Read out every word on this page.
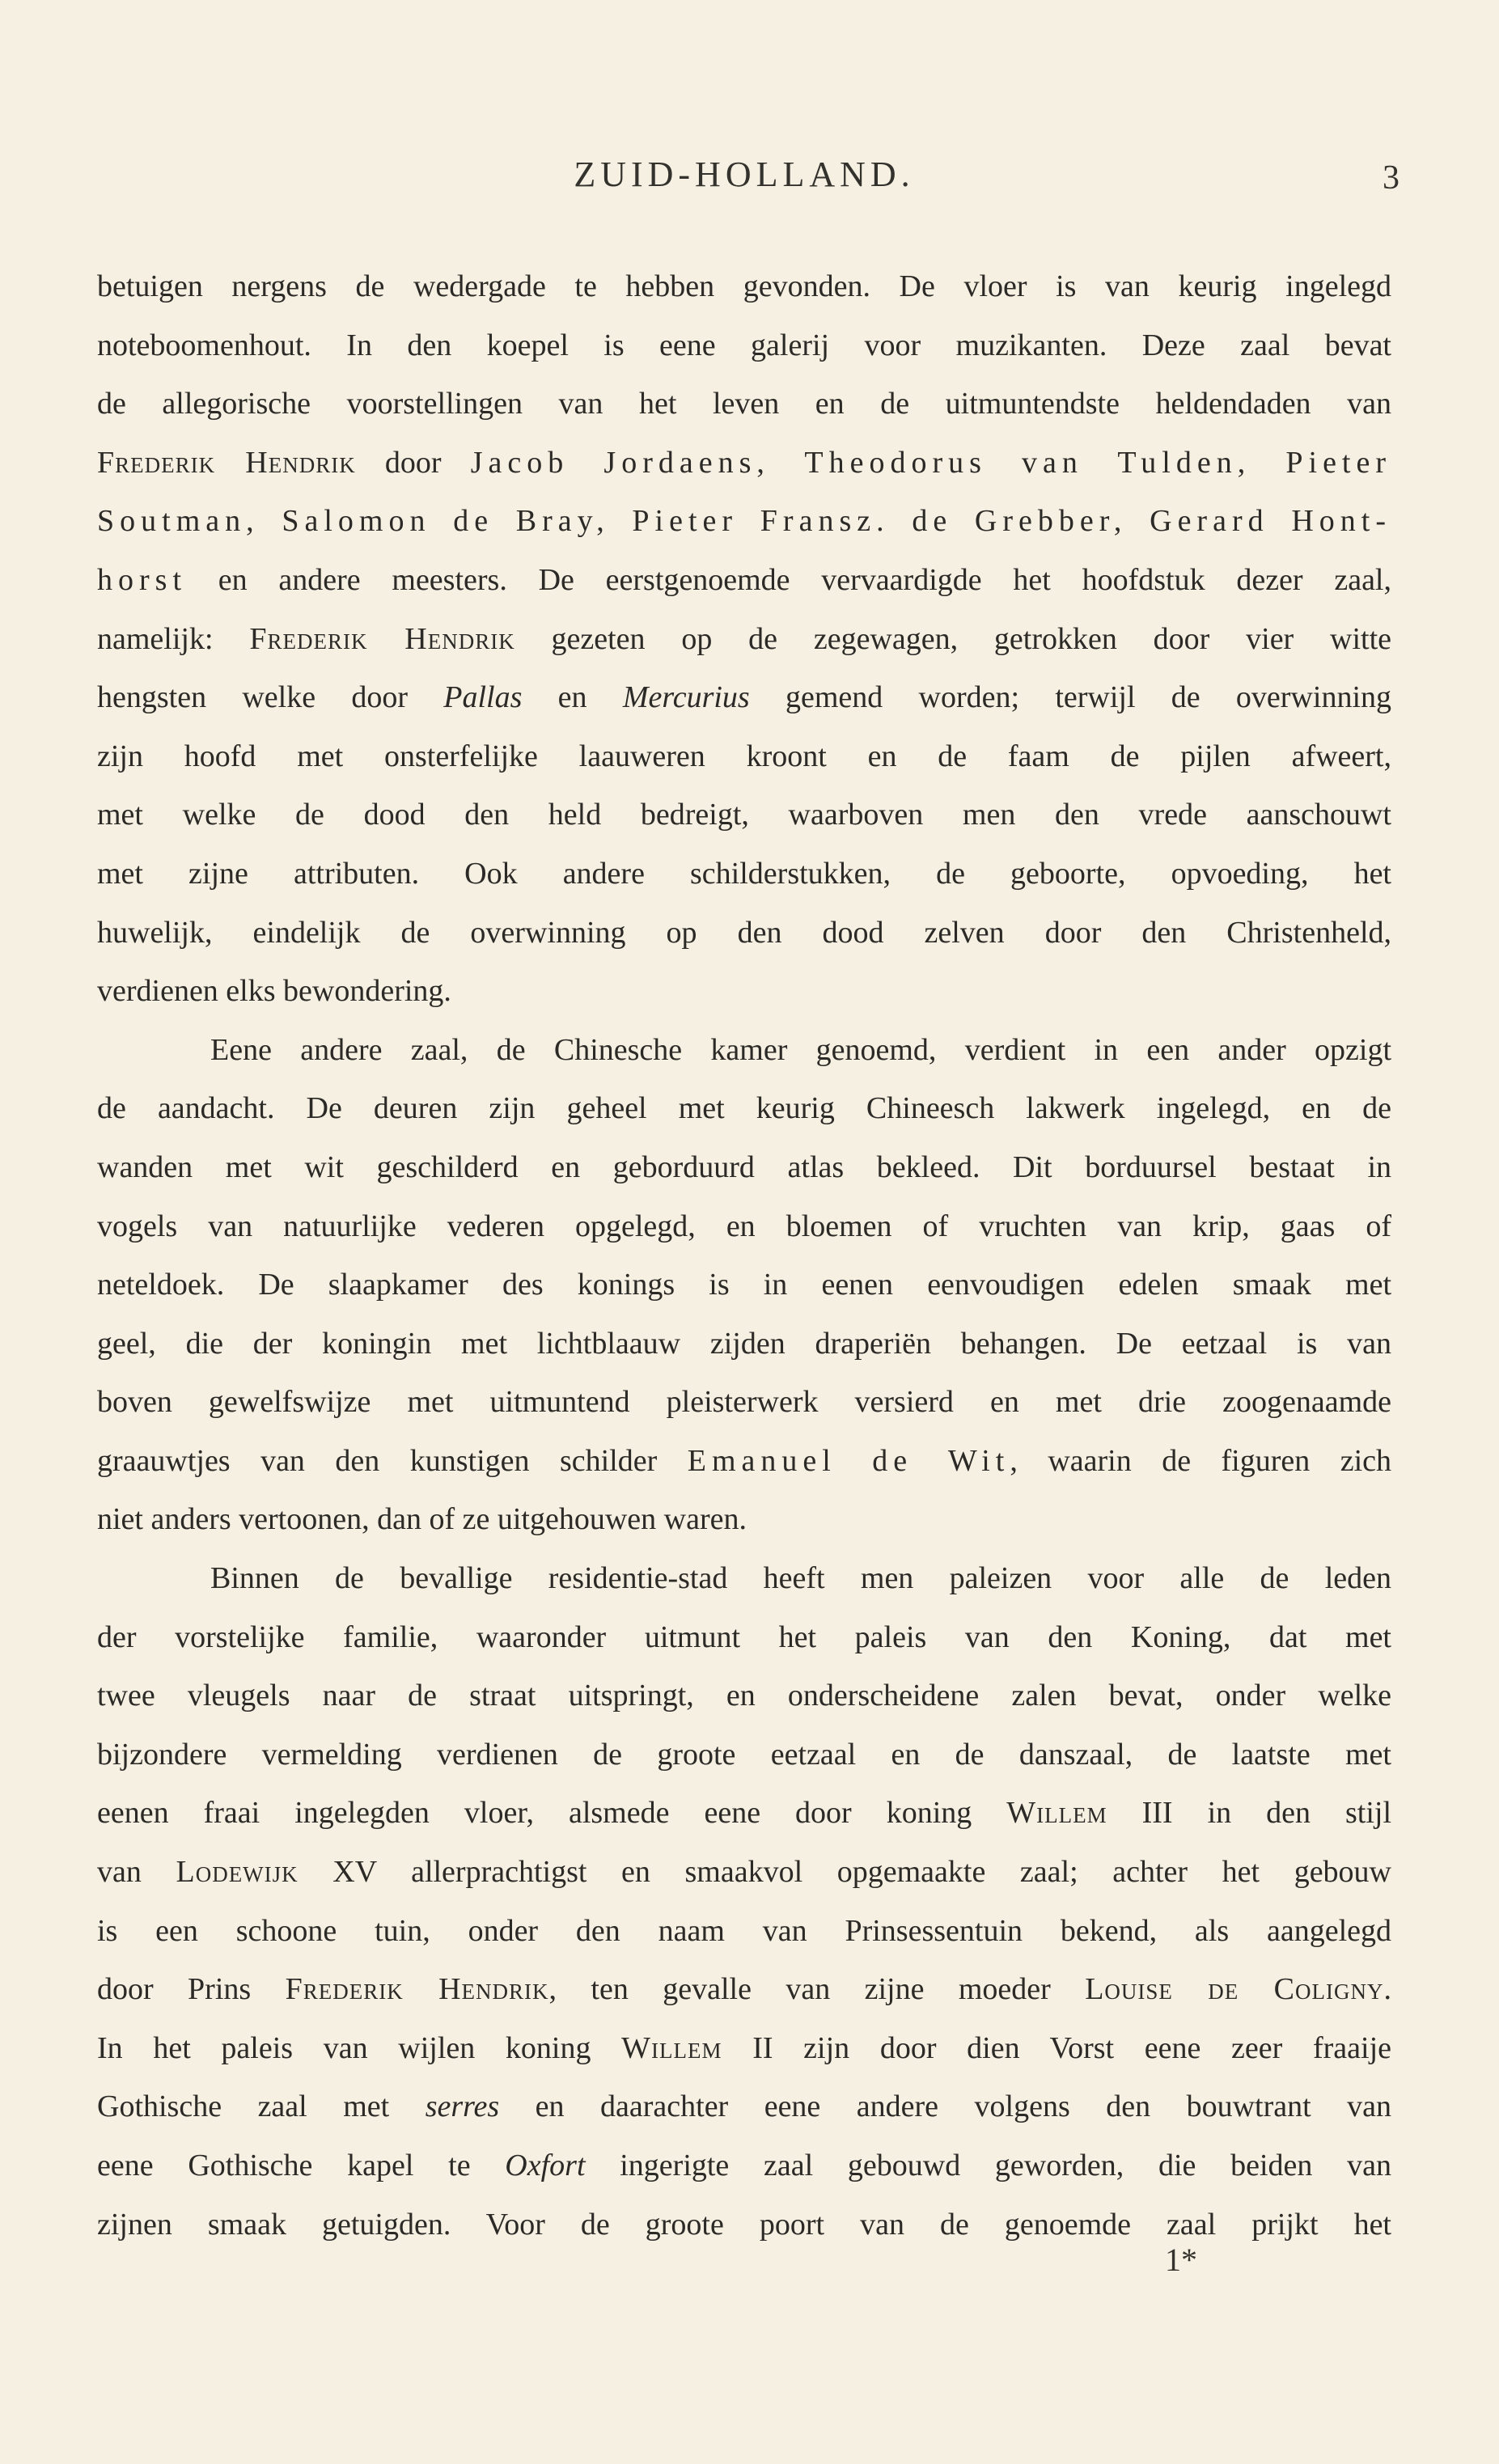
ZUID-HOLLAND.	3
betuigen nergens de wedergade te hebben gevonden. De vloer is van keurig ingelegd
noteboomenhout. In den koepel is eene galerij voor muzikanten. Deze zaal bevat
de allegorische voorstellingen van het leven en de uitmuntendste heldendaden van
Frederik Hendrik door Jacob Jordaens, Theodorus van Tulden, Pieter
Soutman, Salomon de Bray, Pieter Fransz. de Grebber, Gerard Hont-
horst en andere meesters. De eerstgenoemde vervaardigde het hoofdstuk dezer zaal,
namelijk: Frederik Hendrik gezeten op de zegewagen, getrokken door vier witte
hengsten welke door Pallas en Mercurius gemend worden; terwijl de overwinning
zijn hoofd met onsterfelijke laauweren kroont en de faam de pijlen afweert,
met welke de dood den held bedreigt, waarboven men den vrede aanschouwt
met zijne attributen. Ook andere schilderstukken, de geboorte, opvoeding, het
huwelijk, eindelijk de overwinning op den dood zelven door den Christenheld,
verdienen elks bewondering.
Eene andere zaal, de Chinesche kamer genoemd, verdient in een ander opzigt
de aandacht. De deuren zijn geheel met keurig Chineesch lakwerk ingelegd, en de
wanden met wit geschilderd en geborduurd atlas bekleed. Dit borduursel bestaat in
vogels van natuurlijke vederen opgelegd, en bloemen of vruchten van krip, gaas of
neteldoek. De slaapkamer des konings is in eenen eenvoudigen edelen smaak met
geel, die der koningin met lichtblaauw zijden draperiën behangen. De eetzaal is van
boven gewelfswijze met uitmuntend pleisterwerk versierd en met drie zoogenaamde
graauwtjes van den kunstigen schilder Emanuel de Wit, waarin de figuren zich
niet anders vertoonen, dan of ze uitgehouwen waren.
Binnen de bevallige residentie-stad heeft men paleizen voor alle de leden
der vorstelijke familie, waaronder uitmunt het paleis van den Koning, dat met
twee vleugels naar de straat uitspringt, en onderscheidene zalen bevat, onder welke
bijzondere vermelding verdienen de groote eetzaal en de danszaal, de laatste met
eenen fraai ingelegden vloer, alsmede eene door koning Willem III in den stijl
van Lodewijk XV allerprachtigst en smaakvol opgemaakte zaal; achter het gebouw
is een schoone tuin, onder den naam van Prinsessentuin bekend, als aangelegd
door Prins Frederik Hendrik, ten gevalle van zijne moeder Louise de Coligny.
In het paleis van wijlen koning Willem II zijn door dien Vorst eene zeer fraaije
Gothische zaal met serres en daarachter eene andere volgens den bouwtrant van
eene Gothische kapel te Oxfort ingerigte zaal gebouwd geworden, die beiden van
zijnen smaak getuigden. Voor de groote poort van de genoemde zaal prijkt het
1*
